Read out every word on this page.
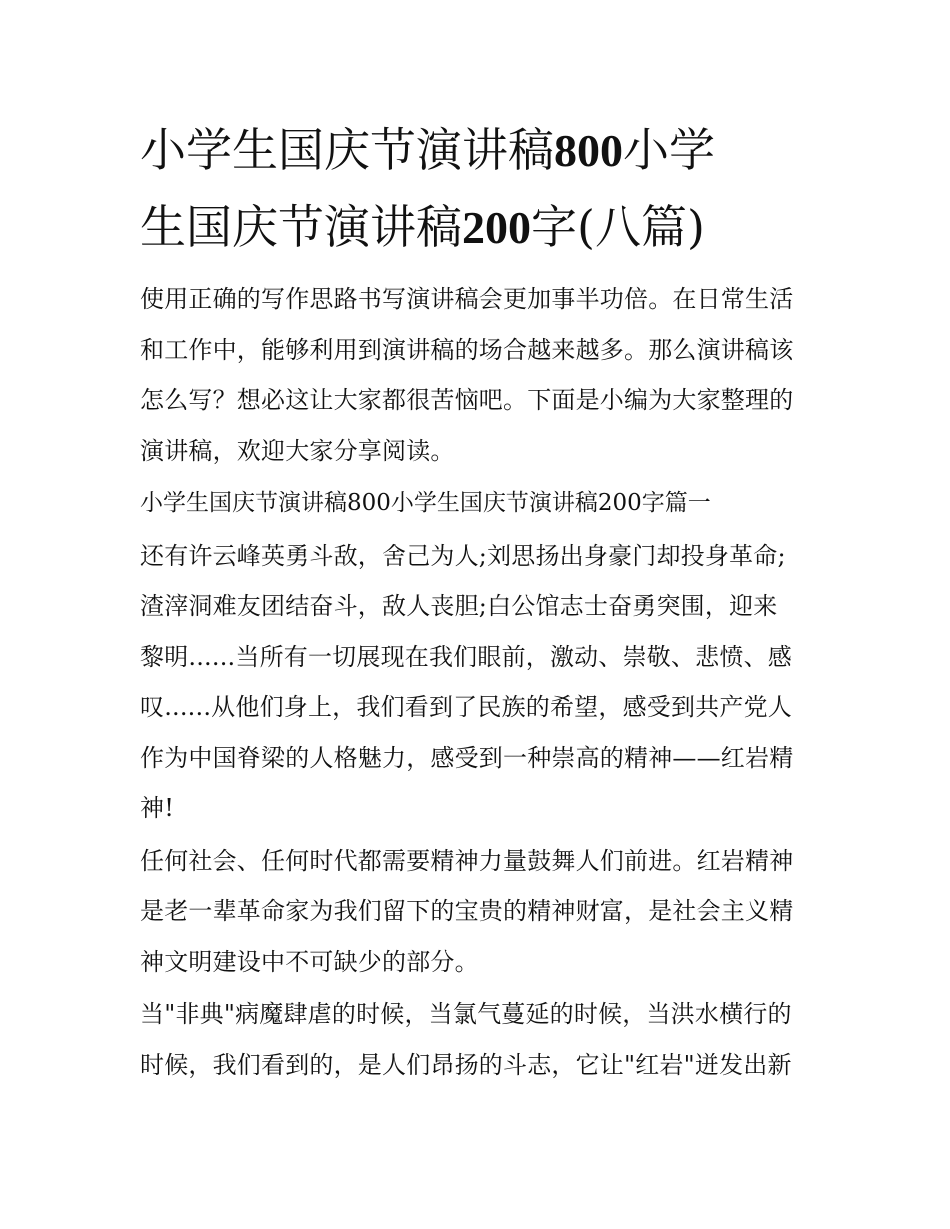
小学生国庆节演讲稿800小学
生国庆节演讲稿200字(八篇)

使用正确的写作思路书写演讲稿会更加事半功倍。在日常生活
和工作中，能够利用到演讲稿的场合越来越多。那么演讲稿该
怎么写？想必这让大家都很苦恼吧。下面是小编为大家整理的
演讲稿，欢迎大家分享阅读。

小学生国庆节演讲稿800小学生国庆节演讲稿200字篇一

还有许云峰英勇斗敌，舍己为人;刘思扬出身豪门却投身革命;
渣滓洞难友团结奋斗，敌人丧胆;白公馆志士奋勇突围，迎来
黎明......当所有一切展现在我们眼前，激动、崇敬、悲愤、感
叹......从他们身上，我们看到了民族的希望，感受到共产党人
作为中国脊梁的人格魅力，感受到一种崇高的精神——红岩精
神!

任何社会、任何时代都需要精神力量鼓舞人们前进。红岩精神
是老一辈革命家为我们留下的宝贵的精神财富，是社会主义精
神文明建设中不可缺少的部分。

当"非典"病魔肆虐的时候，当氯气蔓延的时候，当洪水横行的
时候，我们看到的，是人们昂扬的斗志，它让"红岩"迸发出新
